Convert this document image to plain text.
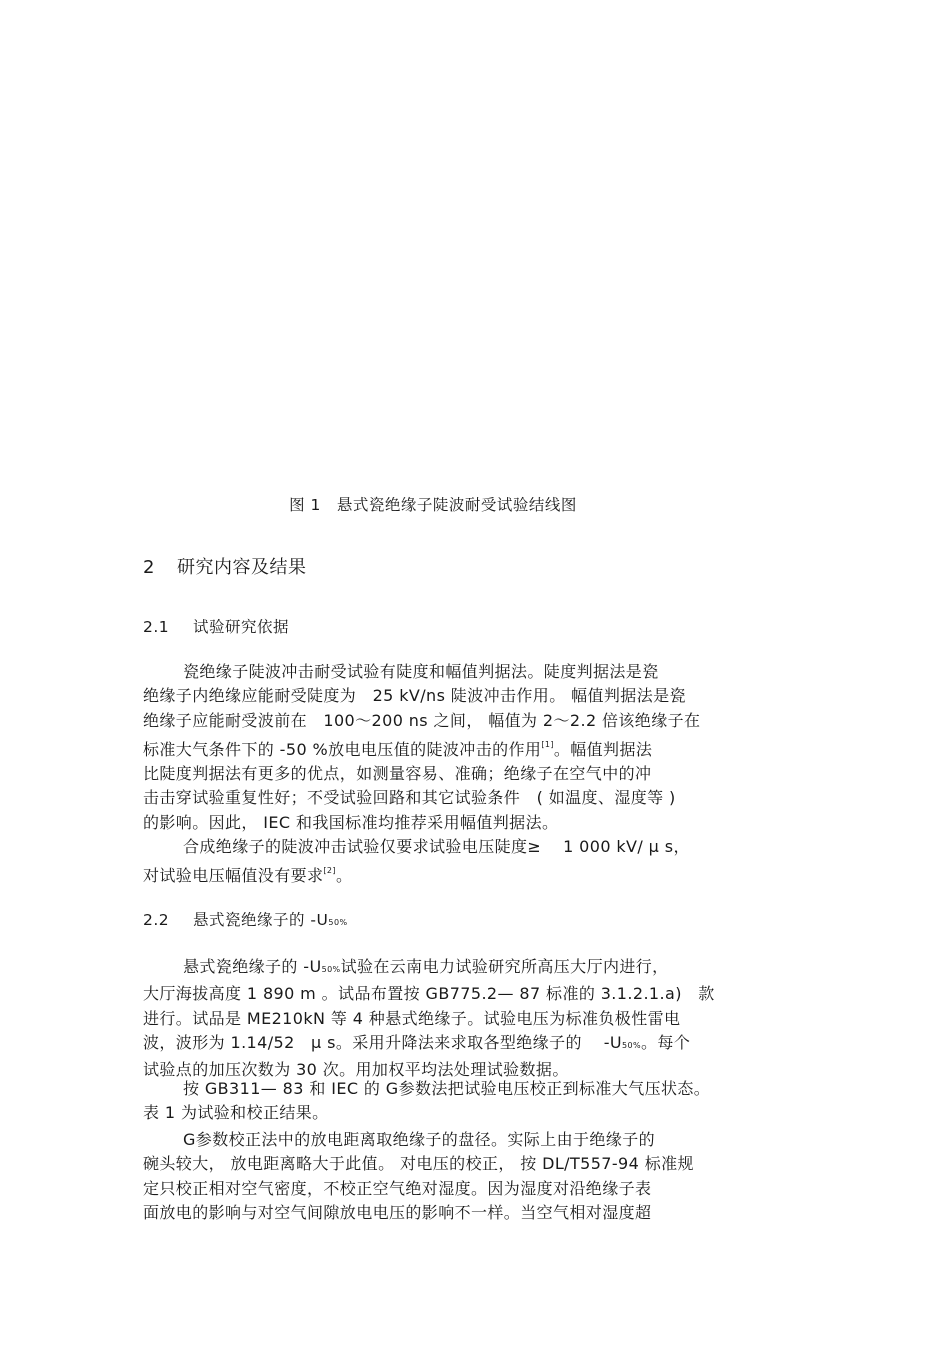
图 1　悬式瓷绝缘子陡波耐受试验结线图
2 研究内容及结果
2.1 试验研究依据
瓷绝缘子陡波冲击耐受试验有陡度和幅值判据法。陡度判据法是瓷
绝缘子内绝缘应能耐受陡度为　25 kV/ns 陡波冲击作用。 幅值判据法是瓷
绝缘子应能耐受波前在　100～200 ns 之间， 幅值为 2～2.2 倍该绝缘子在
标准大气条件下的 -50 %放电电压值的陡波冲击的作用[1]。幅值判据法
比陡度判据法有更多的优点，如测量容易、准确；绝缘子在空气中的冲
击击穿试验重复性好；不受试验回路和其它试验条件　( 如温度、湿度等 )
的影响。因此， IEC 和我国标准均推荐采用幅值判据法。
合成绝缘子的陡波冲击试验仅要求试验电压陡度≥　 1 000 kV/ μ s，
对试验电压幅值没有要求[2]。
2.2 悬式瓷绝缘子的 -U50%
悬式瓷绝缘子的 -U50%试验在云南电力试验研究所高压大厅内进行，
大厅海拔高度 1 890 m 。试品布置按 GB775.2— 87 标准的 3.1.2.1.a)　款
进行。试品是 ME210kN 等 4 种悬式绝缘子。试验电压为标准负极性雷电
波，波形为 1.14/52　μ s。采用升降法来求取各型绝缘子的　 -U50%。每个
试验点的加压次数为 30 次。用加权平均法处理试验数据。
按 GB311— 83 和 IEC 的 G参数法把试验电压校正到标准大气压状态。
表 1 为试验和校正结果。
G参数校正法中的放电距离取绝缘子的盘径。实际上由于绝缘子的
碗头较大， 放电距离略大于此值。 对电压的校正， 按 DL/T557-94 标准规
定只校正相对空气密度，不校正空气绝对湿度。因为湿度对沿绝缘子表
面放电的影响与对空气间隙放电电压的影响不一样。当空气相对湿度超
